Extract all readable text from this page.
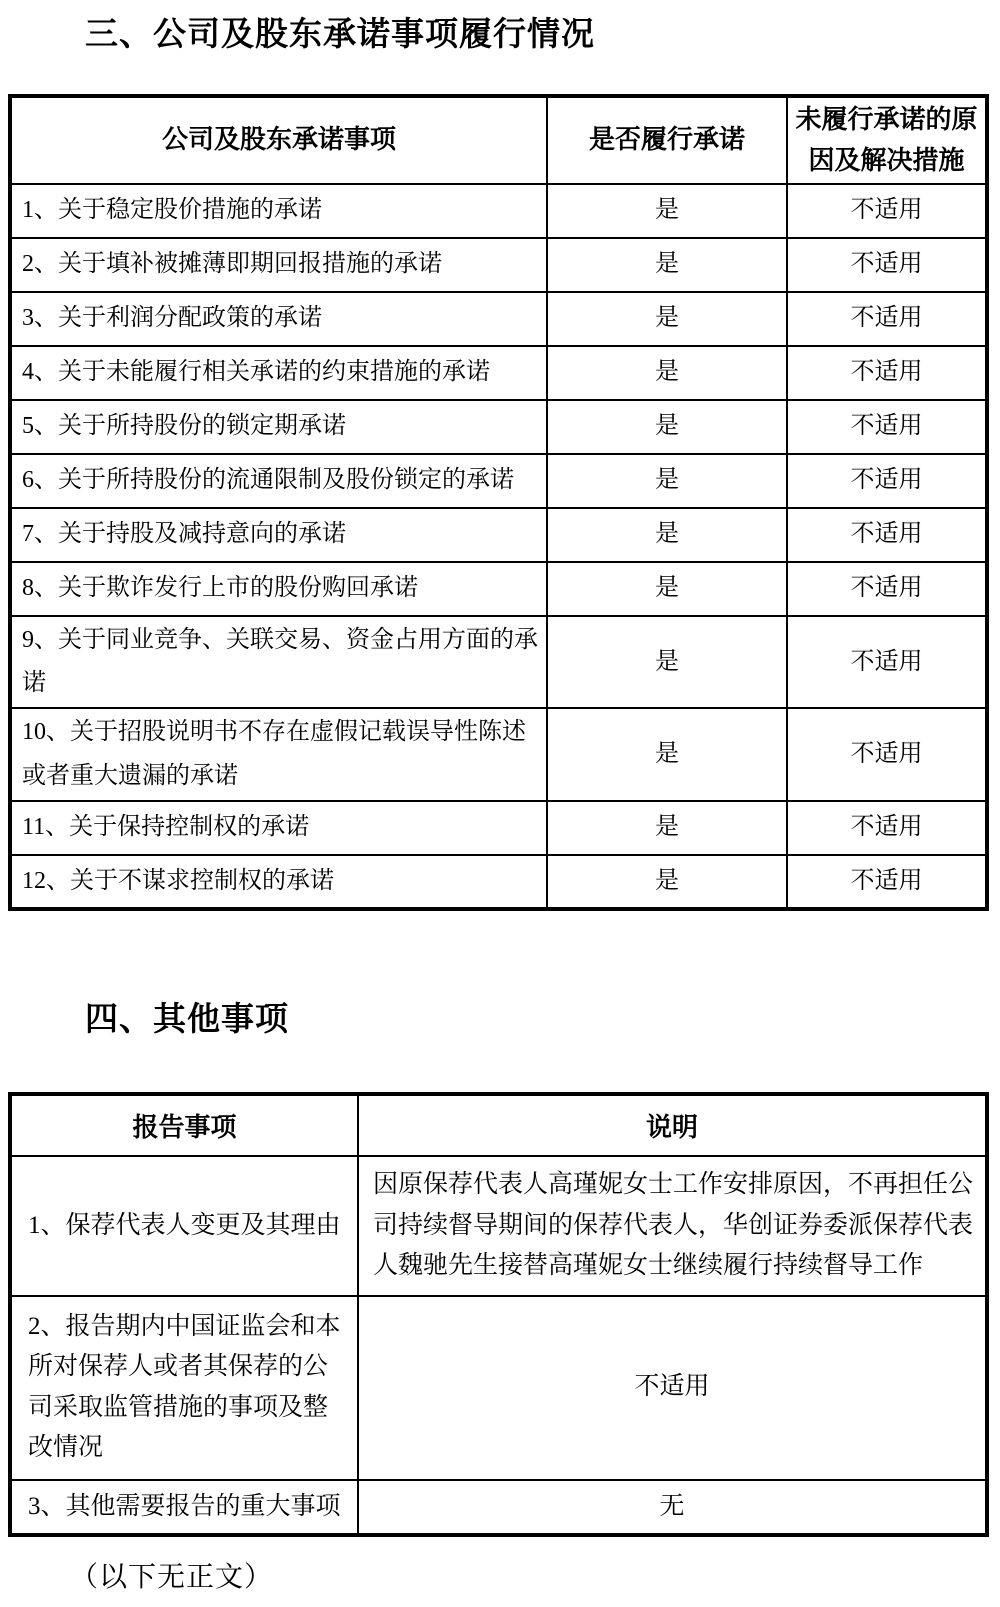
三、公司及股东承诺事项履行情况
公司及股东承诺事项	是否履行承诺	未履行承诺的原因及解决措施
1、关于稳定股价措施的承诺	是	不适用
2、关于填补被摊薄即期回报措施的承诺	是	不适用
3、关于利润分配政策的承诺	是	不适用
4、关于未能履行相关承诺的约束措施的承诺	是	不适用
5、关于所持股份的锁定期承诺	是	不适用
6、关于所持股份的流通限制及股份锁定的承诺	是	不适用
7、关于持股及减持意向的承诺	是	不适用
8、关于欺诈发行上市的股份购回承诺	是	不适用
9、关于同业竞争、关联交易、资金占用方面的承诺	是	不适用
10、关于招股说明书不存在虚假记载误导性陈述或者重大遗漏的承诺	是	不适用
11、关于保持控制权的承诺	是	不适用
12、关于不谋求控制权的承诺	是	不适用
四、其他事项
报告事项	说明
1、保荐代表人变更及其理由	因原保荐代表人高瑾妮女士工作安排原因，不再担任公司持续督导期间的保荐代表人，华创证券委派保荐代表人魏驰先生接替高瑾妮女士继续履行持续督导工作
2、报告期内中国证监会和本所对保荐人或者其保荐的公司采取监管措施的事项及整改情况	不适用
3、其他需要报告的重大事项	无
（以下无正文）
